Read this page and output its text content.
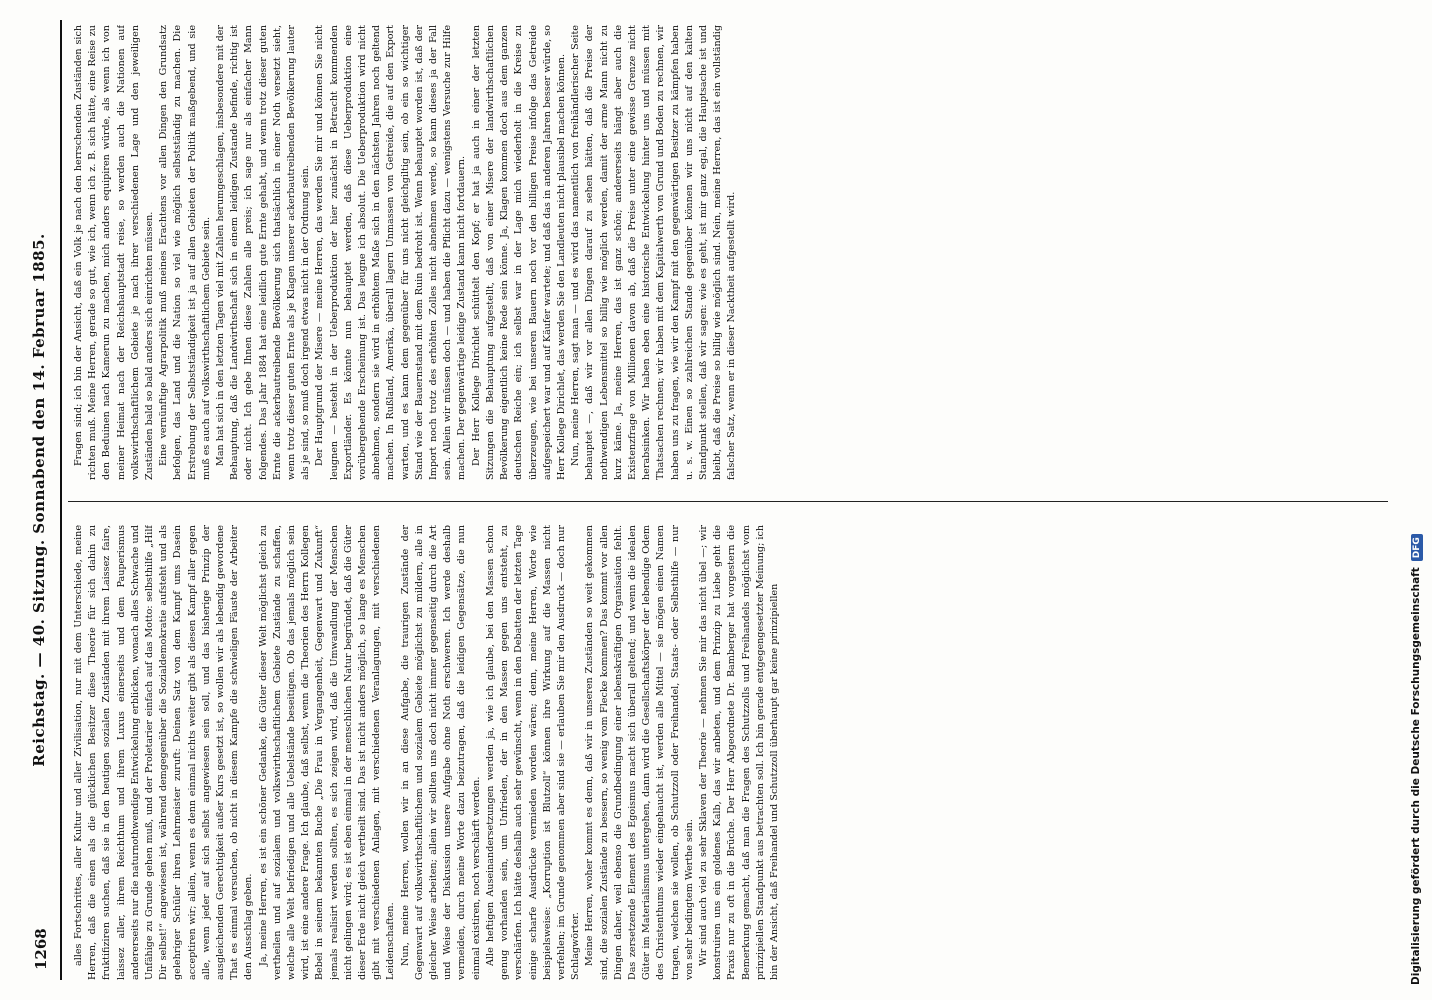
1268
Reichstag. — 40. Sitzung. Sonnabend den 14. Februar 1885.	alles Fortschrittes, aller Kultur und aller Zivilisation, nur mit dem Unterschiede, meine Herren, daß die einen als die glücklichen Besitzer diese Theorie für sich dahin zu fruktifiziren suchen, daß sie in den heutigen sozialen Zuständen mit ihrem Laissez faire, laissez aller, ihrem Reichthum und ihrem Luxus einerseits und dem Pauperismus andererseits nur die naturnothwendige Entwickelung erblicken, wonach alles Schwache und Unfähige zu Grunde gehen muß, und der Proletarier einfach auf das Motto: selbsthilfe „Hilf Dir selbst!“ angewiesen ist, während demgegenüber die Sozialdemokratie aufsteht und als gelehriger Schüler ihren Lehrmeister zuruft: Deinen Satz von dem Kampf ums Dasein acceptiren wir; allein, wenn es denn einmal nichts weiter gibt als diesen Kampf aller gegen alle, wenn jeder auf sich selbst angewiesen sein soll, und das bisherige Prinzip der ausgleichenden Gerechtigkeit außer Kurs gesetzt ist, so wollen wir als lebendig gewordene That es einmal versuchen, ob nicht in diesem Kampfe die schwieligen Fäuste der Arbeiter den Ausschlag geben. Ja, meine Herren, es ist ein schöner Gedanke, die Güter dieser Welt möglichst gleich zu vertheilen und auf sozialem und volkswirthschaftlichem Gebiete Zustände zu schaffen, welche alle Welt befriedigen und alle Uebelstände beseitigen. Ob das jemals möglich sein wird, ist eine andere Frage. Ich glaube, daß selbst, wenn die Theorien des Herrn Kollegen Bebel in seinem bekannten Buche „Die Frau in Vergangenheit, Gegenwart und Zukunft“ jemals realisirt werden sollten, es sich zeigen wird, daß die Umwandlung der Menschen nicht gelingen wird; es ist eben einmal in der menschlichen Natur begründet, daß die Güter dieser Erde nicht gleich vertheilt sind. Das ist nicht anders möglich, so lange es Menschen gibt mit verschiedenen Anlagen, mit verschiedenen Veranlagungen, mit verschiedenen Leidenschaften. Nun, meine Herren, wollen wir in an diese Aufgabe, die traurigen Zustände der Gegenwart auf volkswirthschaftlichem und sozialem Gebiete möglichst zu mildern, alle in gleicher Weise arbeiten; allein wir sollten uns doch nicht immer gegenseitig durch die Art und Weise der Diskussion unsere Aufgabe ohne Noth erschweren. Ich werde deshalb vermeiden, durch meine Worte dazu beizutragen, daß die leidigen Gegensätze, die nun einmal existiren, noch verschärft werden. Alle heftigen Auseinandersetzungen werden ja, wie ich glaube, bei den Massen schon genug vorhanden sein, um Unfrieden, der in den Massen gegen uns entsteht, zu verschärfen. Ich hätte deshalb auch sehr gewünscht, wenn in den Debatten der letzten Tage einige scharfe Ausdrücke vermieden worden wären; denn, meine Herren, Worte wie beispielsweise: „Korruption ist Blutzoll“ können ihre Wirkung auf die Massen nicht verfehlen; im Grunde genommen aber sind sie — erlauben Sie mir den Ausdruck — doch nur Schlagwörter. Meine Herren, woher kommt es denn, daß wir in unseren Zuständen so weit gekommen sind, die sozialen Zustände zu bessern, so wenig vom Flecke kommen? Das kommt vor allen Dingen daher, weil ebenso die Grundbedingung einer lebenskräftigen Organisation fehlt. Das zersetzende Element des Egoismus macht sich überall geltend; und wenn die idealen Güter im Materialismus untergehen, dann wird die Gesellschaftskörper der lebendige Odem des Christenthums wieder eingehaucht ist, werden alle Mittel — sie mögen einen Namen tragen, welchen sie wollen, ob Schutzzoll oder Freihandel, Staats- oder Selbsthilfe — nur von sehr bedingtem Werthe sein. Wir sind auch viel zu sehr Sklaven der Theorie — nehmen Sie mir das nicht übel —; wir konstruiren uns ein goldenes Kalb, das wir anbeten, und dem Prinzip zu Liebe geht die Praxis nur zu oft in die Brüche. Der Herr Abgeordnete Dr. Bamberger hat vorgestern die Bemerkung gemacht, daß man die Fragen des Schutzzolls und Freihandels möglichst vom prinzipiellen Standpunkt aus betrachten soll. Ich bin gerade entgegengesetzter Meinung; ich bin der Ansicht, daß Freihandel und Schutzzoll überhaupt gar keine prinzipiellen

Fragen sind; ich bin der Ansicht, daß ein Volk je nach den herrschenden Zuständen sich richten muß. Meine Herren, gerade so gut, wie ich, wenn ich z. B. sich hätte, eine Reise zu den Beduinen nach Kamerun zu machen, mich anders equipiren würde, als wenn ich von meiner Heimat nach der Reichshauptstadt reise, so werden auch die Nationen auf volkswirthschaftlichem Gebiete je nach ihrer verschiedenen Lage und den jeweiligen Zuständen bald so bald anders sich einrichten müssen. Eine vernünftige Agrarpolitik muß meines Erachtens vor allen Dingen den Grundsatz befolgen, das Land und die Nation so viel wie möglich selbstständig zu machen. Die Erstrebung der Selbstständigkeit ist ja auf allen Gebieten der Politik maßgebend, und sie muß es auch auf volkswirthschaftlichem Gebiete sein. Man hat sich in den letzten Tagen viel mit Zahlen herumgeschlagen, insbesondere mit der Behauptung, daß die Landwirthschaft sich in einem leidigen Zustande befinde, richtig ist oder nicht. Ich gebe Ihnen diese Zahlen alle preis; ich sage nur als einfacher Mann folgendes. Das Jahr 1884 hat eine leidlich gute Ernte gehabt, und wenn trotz dieser guten Ernte die ackerbautreibende Bevölkerung sich thatsächlich in einer Noth versetzt sieht, wenn trotz dieser guten Ernte als je Klagen unserer ackerbautreibenden Bevölkerung lauter als je sind, so muß doch irgend etwas nicht in der Ordnung sein. Der Hauptgrund der Misere — meine Herren, das werden Sie mir und können Sie nicht leugnen — besteht in der Ueberproduktion der hier zunächst in Betracht kommenden Exportländer. Es könnte nun behauptet werden, daß diese Ueberproduktion eine vorübergehende Erscheinung ist. Das leugne ich absolut. Die Ueberproduktion wird nicht abnehmen, sondern sie wird in erhöhtem Maße sich in den nächsten Jahren noch geltend machen. In Rußland, Amerika, überall lagern Unmassen von Getreide, die auf den Export warten, und es kann dem gegenüber für uns nicht gleichgiltig sein, ob ein so wichtiger Stand wie der Bauernstand mit dem Ruin bedroht ist. Wenn behauptet worden ist, daß der Import noch trotz des erhöhten Zolles nicht abnehmen werde, so kann dieses ja der Fall sein. Allein wir müssen doch — und haben die Pflicht dazu — wenigstens Versuche zur Hilfe machen. Der gegenwärtige leidige Zustand kann nicht fortdauern. Der Herr Kollege Dirichlet schüttelt den Kopf; er hat ja auch in einer der letzten Sitzungen die Behauptung aufgestellt, daß von einer Misere der landwirthschaftlichen Bevölkerung eigentlich keine Rede sein könne. Ja, Klagen kommen doch aus dem ganzen deutschen Reiche ein; ich selbst war in der Lage mich wiederholt in die Kreise zu überzeugen, wie bei unseren Bauern noch vor den billigen Preise infolge das Getreide aufgespeichert war und auf Käufer wartete; und daß das in anderen Jahren besser würde, so Herr Kollege Dirichlet, das werden Sie den Landleuten nicht plausibel machen können. Nun, meine Herren, sagt man — und es wird das namentlich von freihändlerischer Seite behauptet —, daß wir vor allen Dingen darauf zu sehen hätten, daß die Preise der nothwendigen Lebensmittel so billig wie möglich werden, damit der arme Mann nicht zu kurz käme. Ja, meine Herren, das ist ganz schön; andererseits hängt aber auch die Existenzfrage von Millionen davon ab, daß die Preise unter eine gewisse Grenze nicht herabsinken. Wir haben eben eine historische Entwickelung hinter uns und müssen mit Thatsachen rechnen; wir haben mit dem Kapitalwerth von Grund und Boden zu rechnen, wir haben uns zu fragen, wie wir den Kampf mit den gegenwärtigen Besitzer zu kämpfen haben u. s. w. Einen so zahlreichen Stande gegenüber können wir uns nicht auf den kalten Standpunkt stellen, daß wir sagen: wie es geht, ist mir ganz egal, die Hauptsache ist und bleibt, daß die Preise so billig wie möglich sind. Nein, meine Herren, das ist ein vollständig falscher Satz, wenn er in dieser Nacktheit aufgestellt wird.

Digitalisierung gefördert durch die Deutsche ForschungsgemeinschaftDFG
